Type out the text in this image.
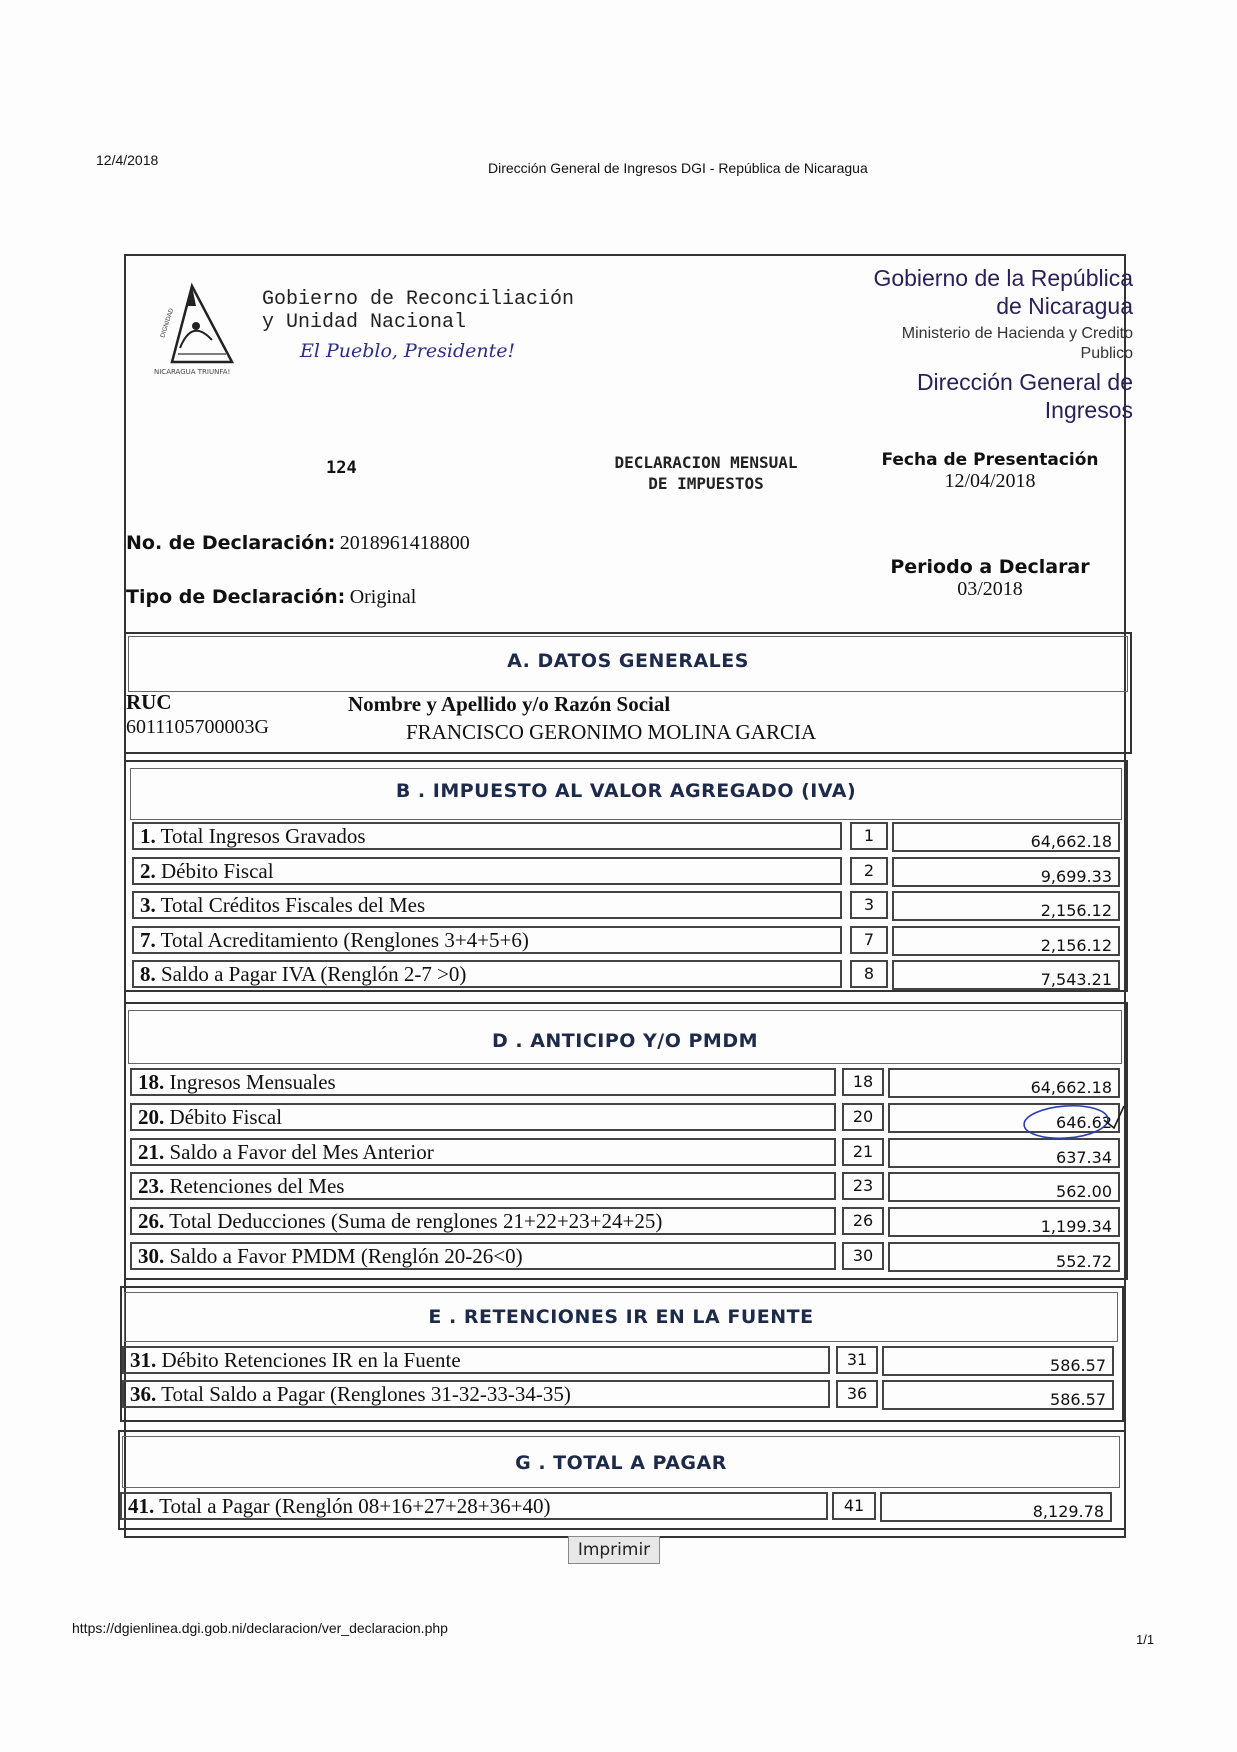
12/4/2018	Dirección General de Ingresos DGI - República de Nicaragua
NICARAGUA TRIUNFA!
DIGNIDAD
Gobierno de Reconciliación
y Unidad Nacional
El Pueblo, Presidente!
Gobierno de la República
de Nicaragua
Ministerio de Hacienda y Credito
Publico
Dirección General de
Ingresos
124	DECLARACION MENSUAL
DE IMPUESTOS
Fecha de Presentación
12/04/2018
No. de Declaración: 2018961418800
Tipo de Declaración: Original
Periodo a Declarar
03/2018
A. DATOS GENERALES
RUC
6011105700003G
Nombre y Apellido y/o Razón Social
FRANCISCO GERONIMO MOLINA GARCIA
B . IMPUESTO AL VALOR AGREGADO (IVA)
1. Total Ingresos Gravados	1	64,662.18
2. Débito Fiscal	2	9,699.33
3. Total Créditos Fiscales del Mes	3	2,156.12
7. Total Acreditamiento (Renglones 3+4+5+6)	7	2,156.12
8. Saldo a Pagar IVA (Renglón 2-7 >0)	8	7,543.21
D . ANTICIPO Y/O PMDM
18. Ingresos Mensuales	18	64,662.18
20. Débito Fiscal	20	646.62
21. Saldo a Favor del Mes Anterior	21	637.34
23. Retenciones del Mes	23	562.00
26. Total Deducciones (Suma de renglones 21+22+23+24+25)	26	1,199.34
30. Saldo a Favor PMDM (Renglón 20-26<0)	30	552.72
E . RETENCIONES IR EN LA FUENTE
31. Débito Retenciones IR en la Fuente	31	586.57
36. Total Saldo a Pagar (Renglones 31-32-33-34-35)	36	586.57
G . TOTAL A PAGAR
41. Total a Pagar (Renglón 08+16+27+28+36+40)	41	8,129.78
Imprimir
https://dgienlinea.dgi.gob.ni/declaracion/ver_declaracion.php
1/1
